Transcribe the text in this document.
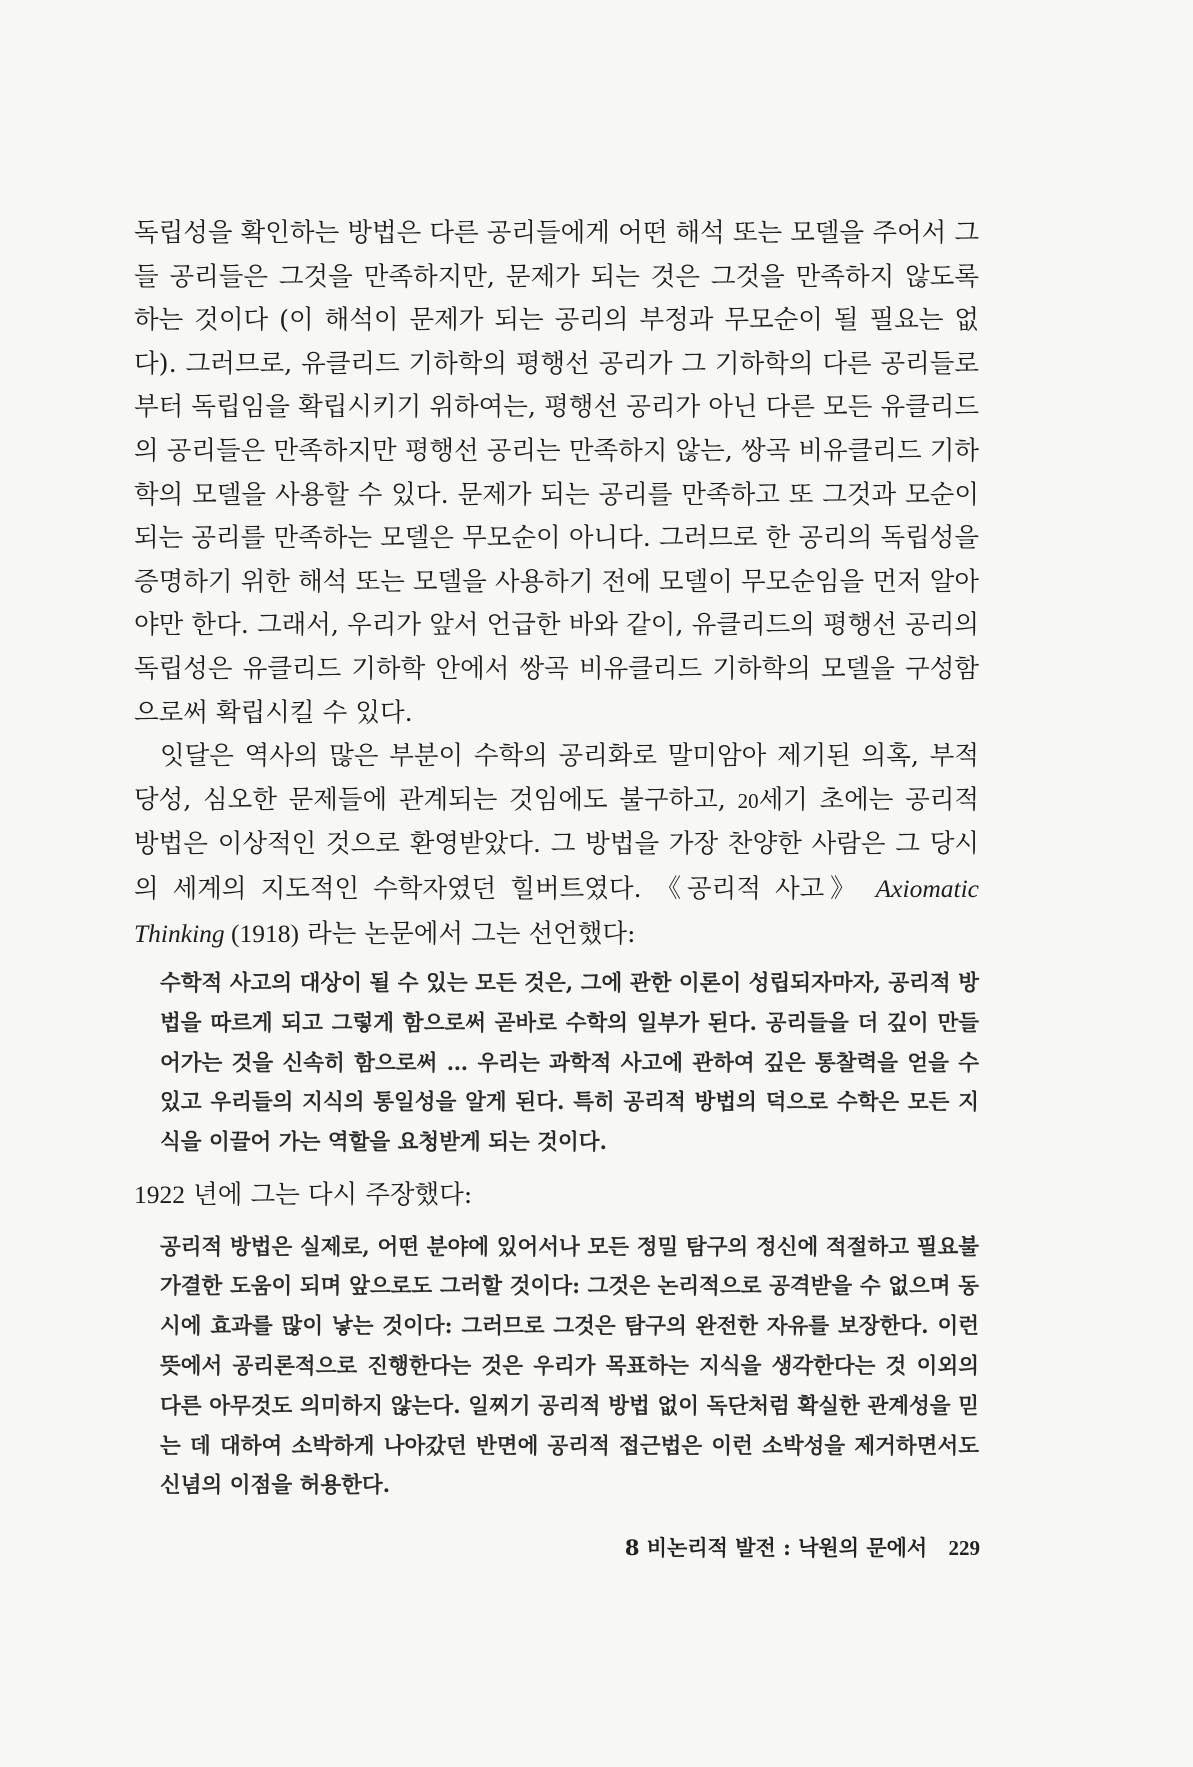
독립성을 확인하는 방법은 다른 공리들에게 어떤 해석 또는 모델을 주어서 그들 공리들은 그것을 만족하지만, 문제가 되는 것은 그것을 만족하지 않도록 하는 것이다 (이 해석이 문제가 되는 공리의 부정과 무모순이 될 필요는 없다). 그러므로, 유클리드 기하학의 평행선 공리가 그 기하학의 다른 공리들로부터 독립임을 확립시키기 위하여는, 평행선 공리가 아닌 다른 모든 유클리드의 공리들은 만족하지만 평행선 공리는 만족하지 않는, 쌍곡 비유클리드 기하학의 모델을 사용할 수 있다. 문제가 되는 공리를 만족하고 또 그것과 모순이 되는 공리를 만족하는 모델은 무모순이 아니다. 그러므로 한 공리의 독립성을 증명하기 위한 해석 또는 모델을 사용하기 전에 모델이 무모순임을 먼저 알아야만 한다. 그래서, 우리가 앞서 언급한 바와 같이, 유클리드의 평행선 공리의 독립성은 유클리드 기하학 안에서 쌍곡 비유클리드 기하학의 모델을 구성함으로써 확립시킬 수 있다.

잇달은 역사의 많은 부분이 수학의 공리화로 말미암아 제기된 의혹, 부적당성, 심오한 문제들에 관계되는 것임에도 불구하고, 20세기 초에는 공리적 방법은 이상적인 것으로 환영받았다. 그 방법을 가장 찬양한 사람은 그 당시의 세계의 지도적인 수학자였던 힐버트였다. 《공리적 사고》 Axiomatic Thinking (1918) 라는 논문에서 그는 선언했다:

수학적 사고의 대상이 될 수 있는 모든 것은, 그에 관한 이론이 성립되자마자, 공리적 방법을 따르게 되고 그렇게 함으로써 곧바로 수학의 일부가 된다. 공리들을 더 깊이 만들어가는 것을 신속히 함으로써 … 우리는 과학적 사고에 관하여 깊은 통찰력을 얻을 수 있고 우리들의 지식의 통일성을 알게 된다. 특히 공리적 방법의 덕으로 수학은 모든 지식을 이끌어 가는 역할을 요청받게 되는 것이다.

1922 년에 그는 다시 주장했다:

공리적 방법은 실제로, 어떤 분야에 있어서나 모든 정밀 탐구의 정신에 적절하고 필요불가결한 도움이 되며 앞으로도 그러할 것이다: 그것은 논리적으로 공격받을 수 없으며 동시에 효과를 많이 낳는 것이다: 그러므로 그것은 탐구의 완전한 자유를 보장한다. 이런 뜻에서 공리론적으로 진행한다는 것은 우리가 목표하는 지식을 생각한다는 것 이외의 다른 아무것도 의미하지 않는다. 일찌기 공리적 방법 없이 독단처럼 확실한 관계성을 믿는 데 대하여 소박하게 나아갔던 반면에 공리적 접근법은 이런 소박성을 제거하면서도 신념의 이점을 허용한다.

8 비논리적 발전 : 낙원의 문에서 229
